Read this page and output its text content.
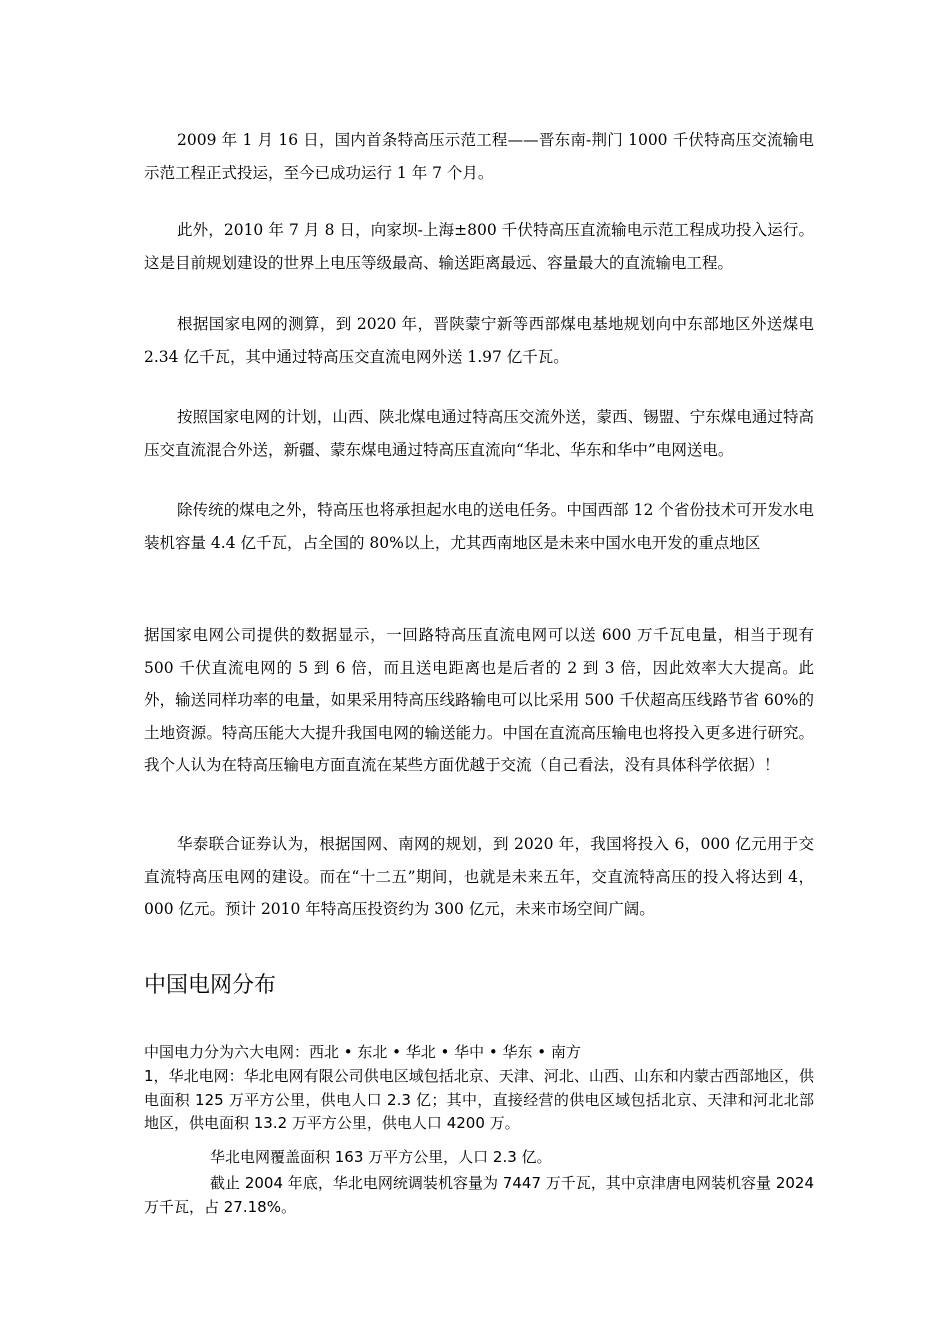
2009 年 1 月 16 日，国内首条特高压示范工程——晋东南-荆门 1000 千伏特高压交流输电示范工程正式投运，至今已成功运行 1 年 7 个月。

此外，2010 年 7 月 8 日，向家坝-上海±800 千伏特高压直流输电示范工程成功投入运行。这是目前规划建设的世界上电压等级最高、输送距离最远、容量最大的直流输电工程。

根据国家电网的测算，到 2020 年，晋陕蒙宁新等西部煤电基地规划向中东部地区外送煤电 2.34 亿千瓦，其中通过特高压交直流电网外送 1.97 亿千瓦。

按照国家电网的计划，山西、陕北煤电通过特高压交流外送，蒙西、锡盟、宁东煤电通过特高压交直流混合外送，新疆、蒙东煤电通过特高压直流向“华北、华东和华中”电网送电。

除传统的煤电之外，特高压也将承担起水电的送电任务。中国西部 12 个省份技术可开发水电装机容量 4.4 亿千瓦，占全国的 80%以上，尤其西南地区是未来中国水电开发的重点地区

据国家电网公司提供的数据显示，一回路特高压直流电网可以送 600 万千瓦电量，相当于现有 500 千伏直流电网的 5 到 6 倍，而且送电距离也是后者的 2 到 3 倍，因此效率大大提高。此外，输送同样功率的电量，如果采用特高压线路输电可以比采用 500 千伏超高压线路节省 60%的土地资源。特高压能大大提升我国电网的输送能力。中国在直流高压输电也将投入更多进行研究。我个人认为在特高压输电方面直流在某些方面优越于交流（自己看法，没有具体科学依据）！

华泰联合证券认为，根据国网、南网的规划，到 2020 年，我国将投入 6，000 亿元用于交直流特高压电网的建设。而在“十二五”期间，也就是未来五年，交直流特高压的投入将达到 4，000 亿元。预计 2010 年特高压投资约为 300 亿元，未来市场空间广阔。

中国电网分布

中国电力分为六大电网：西北 • 东北 • 华北 • 华中 • 华东 • 南方

1，华北电网：华北电网有限公司供电区域包括北京、天津、河北、山西、山东和内蒙古西部地区，供电面积 125 万平方公里，供电人口 2.3 亿；其中，直接经营的供电区域包括北京、天津和河北北部地区，供电面积 13.2 万平方公里，供电人口 4200 万。

华北电网覆盖面积 163 万平方公里，人口 2.3 亿。

截止 2004 年底，华北电网统调装机容量为 7447 万千瓦，其中京津唐电网装机容量 2024 万千瓦，占 27.18%。
